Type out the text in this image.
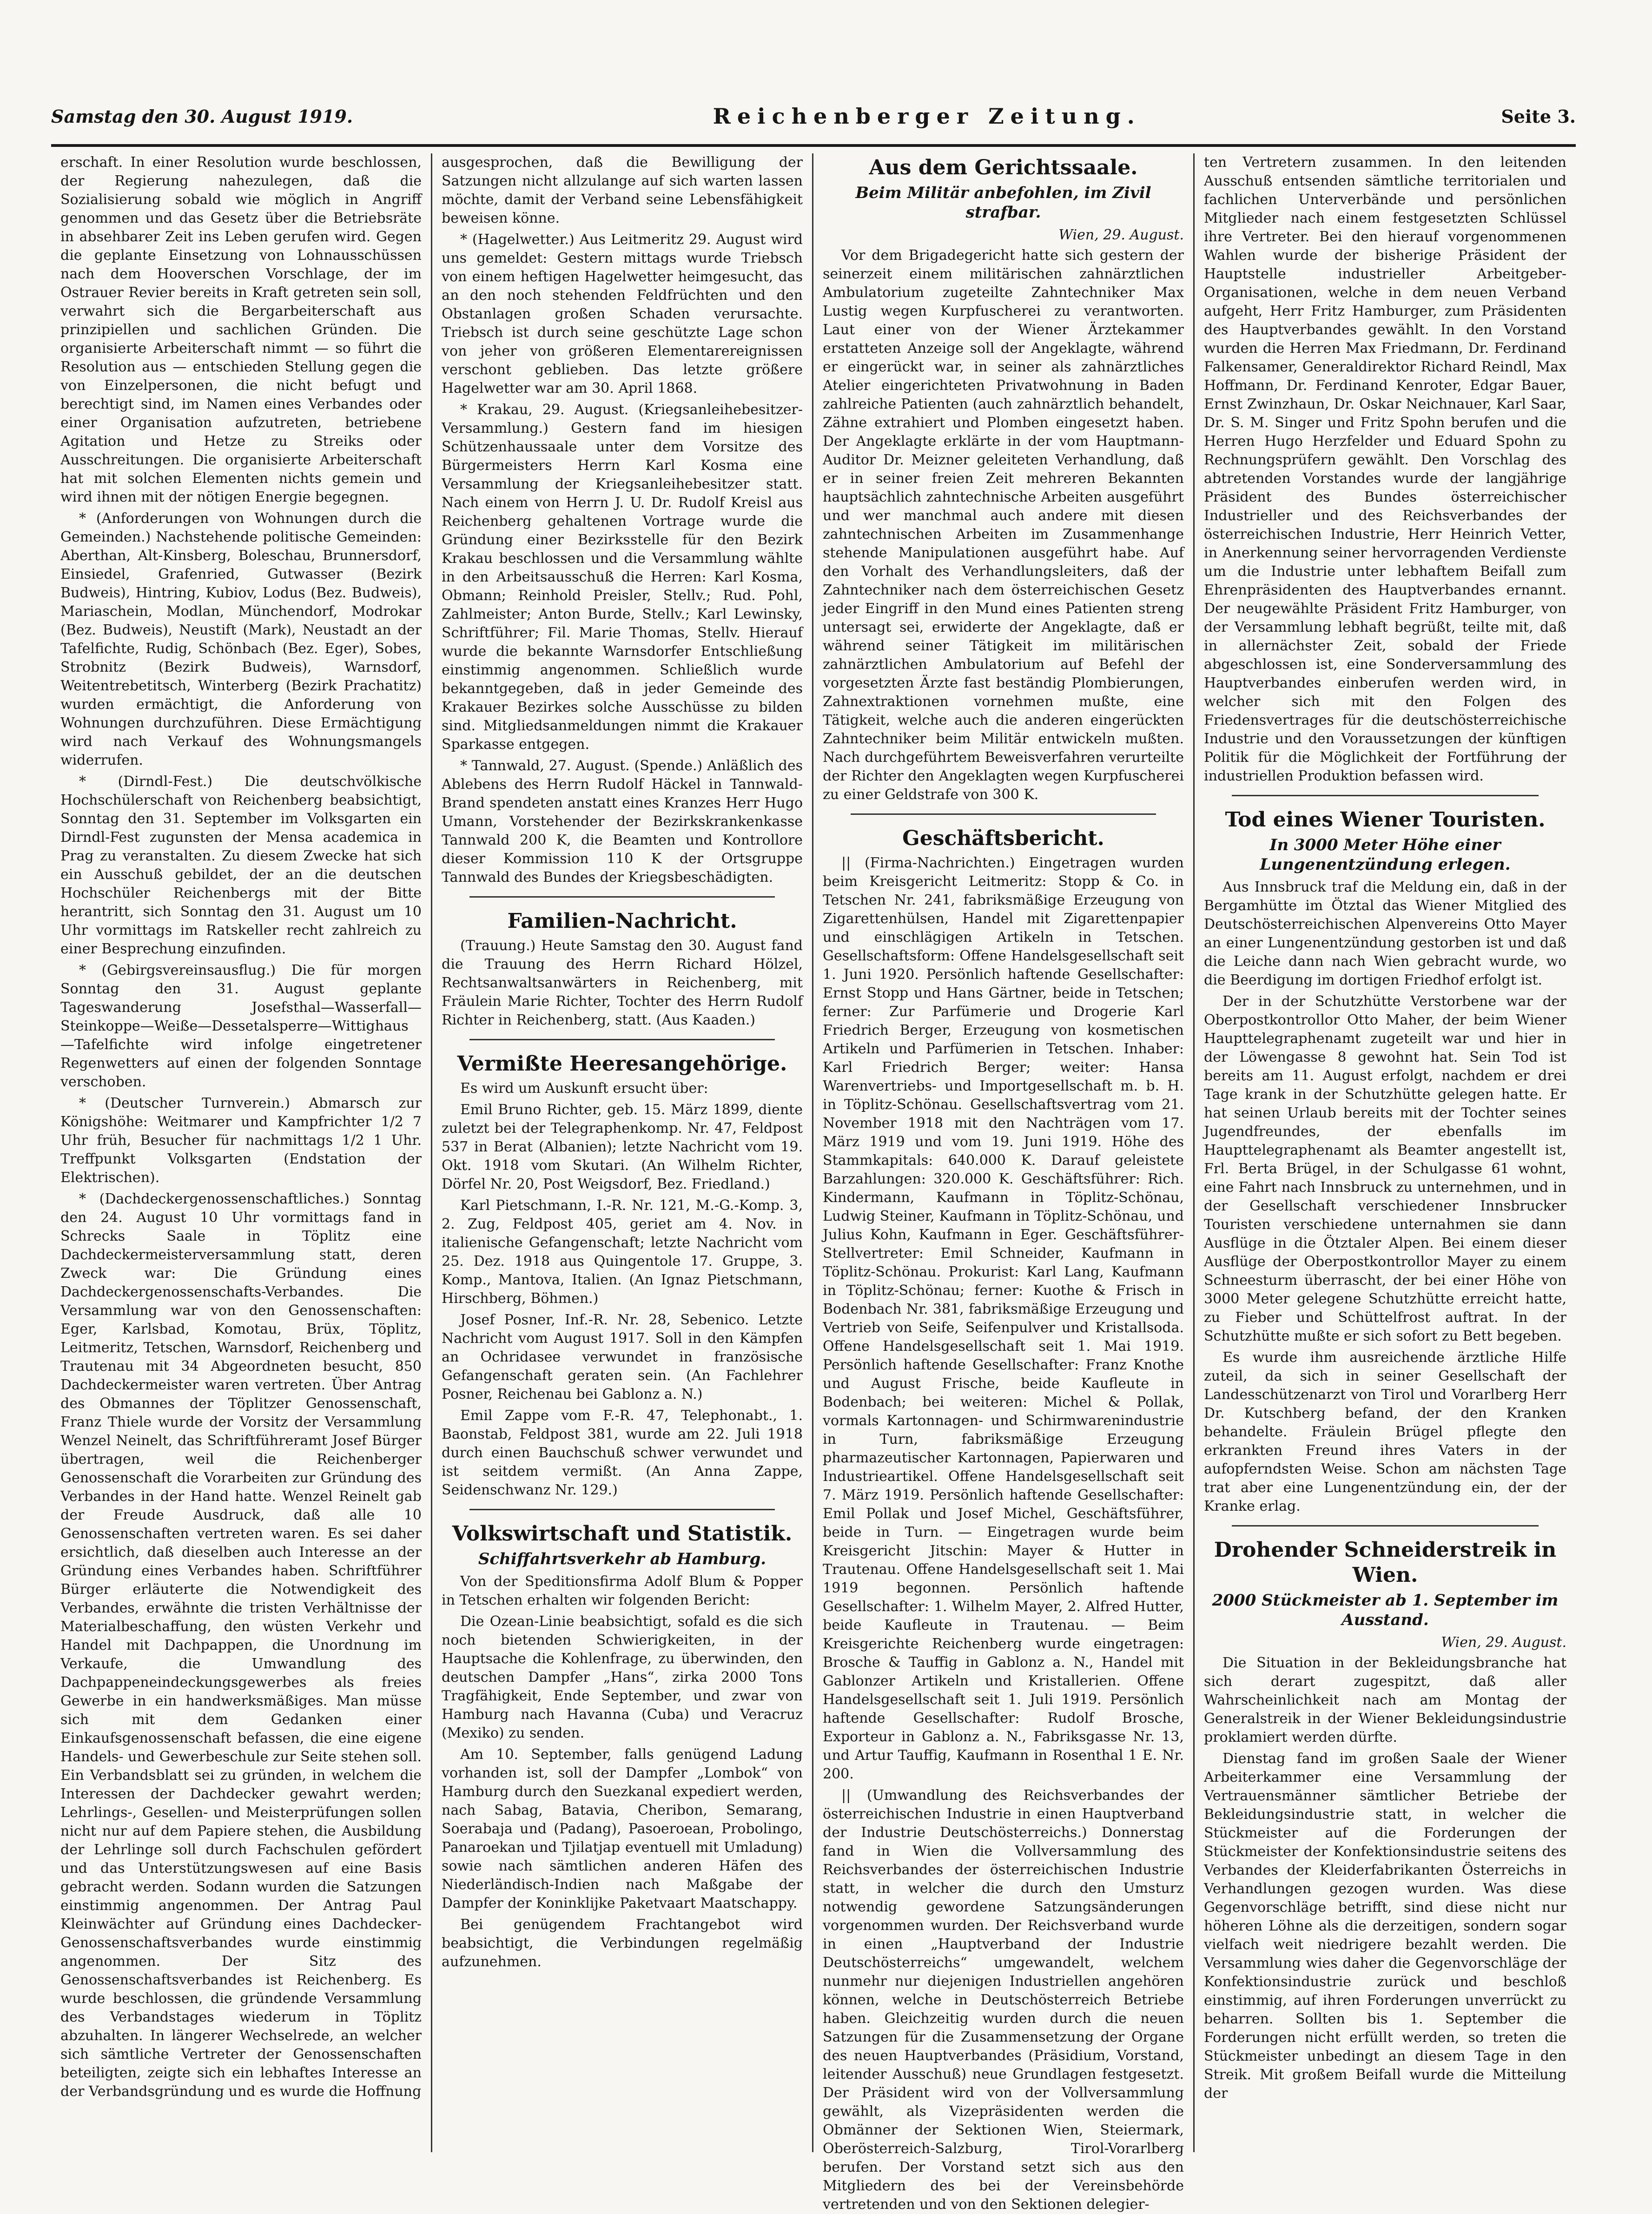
Samstag den 30. August 1919.	Reichenberger Zeitung.	Seite 3.

erschaft. In einer Resolution wurde beschlossen, der Regierung nahezulegen, daß die Sozialisierung sobald wie möglich in Angriff genommen und das Gesetz über die Betriebsräte in absehbarer Zeit ins Leben gerufen wird. Gegen die geplante Einsetzung von Lohnausschüssen nach dem Hooverschen Vorschlage, der im Ostrauer Revier bereits in Kraft getreten sein soll, verwahrt sich die Bergarbeiterschaft aus prinzipiellen und sachlichen Gründen. Die organisierte Arbeiterschaft nimmt — so führt die Resolution aus — entschieden Stellung gegen die von Einzelpersonen, die nicht befugt und berechtigt sind, im Namen eines Verbandes oder einer Organisation aufzutreten, betriebene Agitation und Hetze zu Streiks oder Ausschreitungen. Die organisierte Arbeiterschaft hat mit solchen Elementen nichts gemein und wird ihnen mit der nötigen Energie begegnen.

* (Anforderungen von Wohnungen durch die Gemeinden.) Nachstehende politische Gemeinden: Aberthan, Alt-Kinsberg, Boleschau, Brunnersdorf, Einsiedel, Grafenried, Gutwasser (Bezirk Budweis), Hintring, Kubiov, Lodus (Bez. Budweis), Mariaschein, Modlan, Münchendorf, Modrokar (Bez. Budweis), Neustift (Mark), Neustadt an der Tafelfichte, Rudig, Schönbach (Bez. Eger), Sobes, Strobnitz (Bezirk Budweis), Warnsdorf, Weitentrebetitsch, Winterberg (Bezirk Prachatitz) wurden ermächtigt, die Anforderung von Wohnungen durchzuführen. Diese Ermächtigung wird nach Verkauf des Wohnungsmangels widerrufen.

* (Dirndl-Fest.) Die deutschvölkische Hochschülerschaft von Reichenberg beabsichtigt, Sonntag den 31. September im Volksgarten ein Dirndl-Fest zugunsten der Mensa academica in Prag zu veranstalten. Zu diesem Zwecke hat sich ein Ausschuß gebildet, der an die deutschen Hochschüler Reichenbergs mit der Bitte herantritt, sich Sonntag den 31. August um 10 Uhr vormittags im Ratskeller recht zahlreich zu einer Besprechung einzufinden.

* (Gebirgsvereinsausflug.) Die für morgen Sonntag den 31. August geplante Tageswanderung Josefsthal—Wasserfall—Steinkoppe—Weiße—Dessetalsperre—Wittighaus—Tafelfichte wird infolge eingetretener Regenwetters auf einen der folgenden Sonntage verschoben.

* (Deutscher Turnverein.) Abmarsch zur Königshöhe: Weitmarer und Kampfrichter 1/2 7 Uhr früh, Besucher für nachmittags 1/2 1 Uhr. Treffpunkt Volksgarten (Endstation der Elektrischen).

* (Dachdeckergenossenschaftliches.) Sonntag den 24. August 10 Uhr vormittags fand in Schrecks Saale in Töplitz eine Dachdeckermeisterversammlung statt, deren Zweck war: Die Gründung eines Dachdeckergenossenschafts-Verbandes. Die Versammlung war von den Genossenschaften: Eger, Karlsbad, Komotau, Brüx, Töplitz, Leitmeritz, Tetschen, Warnsdorf, Reichenberg und Trautenau mit 34 Abgeordneten besucht, 850 Dachdeckermeister waren vertreten. Über Antrag des Obmannes der Töplitzer Genossenschaft, Franz Thiele wurde der Vorsitz der Versammlung Wenzel Neinelt, das Schriftführeramt Josef Bürger übertragen, weil die Reichenberger Genossenschaft die Vorarbeiten zur Gründung des Verbandes in der Hand hatte. Wenzel Reinelt gab der Freude Ausdruck, daß alle 10 Genossenschaften vertreten waren. Es sei daher ersichtlich, daß dieselben auch Interesse an der Gründung eines Verbandes haben. Schriftführer Bürger erläuterte die Notwendigkeit des Verbandes, erwähnte die tristen Verhältnisse der Materialbeschaffung, den wüsten Verkehr und Handel mit Dachpappen, die Unordnung im Verkaufe, die Umwandlung des Dachpappeneindeckungsgewerbes als freies Gewerbe in ein handwerksmäßiges. Man müsse sich mit dem Gedanken einer Einkaufsgenossenschaft befassen, die eine eigene Handels- und Gewerbeschule zur Seite stehen soll. Ein Verbandsblatt sei zu gründen, in welchem die Interessen der Dachdecker gewahrt werden; Lehrlings-, Gesellen- und Meisterprüfungen sollen nicht nur auf dem Papiere stehen, die Ausbildung der Lehrlinge soll durch Fachschulen gefördert und das Unterstützungswesen auf eine Basis gebracht werden. Sodann wurden die Satzungen einstimmig angenommen. Der Antrag Paul Kleinwächter auf Gründung eines Dachdecker-Genossenschaftsverbandes wurde einstimmig angenommen. Der Sitz des Genossenschaftsverbandes ist Reichenberg. Es wurde beschlossen, die gründende Versammlung des Verbandstages wiederum in Töplitz abzuhalten. In längerer Wechselrede, an welcher sich sämtliche Vertreter der Genossenschaften beteiligten, zeigte sich ein lebhaftes Interesse an der Verbandsgründung und es wurde die Hoffnung

ausgesprochen, daß die Bewilligung der Satzungen nicht allzulange auf sich warten lassen möchte, damit der Verband seine Lebensfähigkeit beweisen könne.

* (Hagelwetter.) Aus Leitmeritz 29. August wird uns gemeldet: Gestern mittags wurde Triebsch von einem heftigen Hagelwetter heimgesucht, das an den noch stehenden Feldfrüchten und den Obstanlagen großen Schaden verursachte. Triebsch ist durch seine geschützte Lage schon von jeher von größeren Elementarereignissen verschont geblieben. Das letzte größere Hagelwetter war am 30. April 1868.

* Krakau, 29. August. (Kriegsanleihebesitzer-Versammlung.) Gestern fand im hiesigen Schützenhaussaale unter dem Vorsitze des Bürgermeisters Herrn Karl Kosma eine Versammlung der Kriegsanleihebesitzer statt. Nach einem von Herrn J. U. Dr. Rudolf Kreisl aus Reichenberg gehaltenen Vortrage wurde die Gründung einer Bezirksstelle für den Bezirk Krakau beschlossen und die Versammlung wählte in den Arbeitsausschuß die Herren: Karl Kosma, Obmann; Reinhold Preisler, Stellv.; Rud. Pohl, Zahlmeister; Anton Burde, Stellv.; Karl Lewinsky, Schriftführer; Fil. Marie Thomas, Stellv. Hierauf wurde die bekannte Warnsdorfer Entschließung einstimmig angenommen. Schließlich wurde bekanntgegeben, daß in jeder Gemeinde des Krakauer Bezirkes solche Ausschüsse zu bilden sind. Mitgliedsanmeldungen nimmt die Krakauer Sparkasse entgegen.

* Tannwald, 27. August. (Spende.) Anläßlich des Ablebens des Herrn Rudolf Häckel in Tannwald-Brand spendeten anstatt eines Kranzes Herr Hugo Umann, Vorstehender der Bezirkskrankenkasse Tannwald 200 K, die Beamten und Kontrollore dieser Kommission 110 K der Ortsgruppe Tannwald des Bundes der Kriegsbeschädigten.

Familien-Nachricht.

(Trauung.) Heute Samstag den 30. August fand die Trauung des Herrn Richard Hölzel, Rechtsanwaltsanwärters in Reichenberg, mit Fräulein Marie Richter, Tochter des Herrn Rudolf Richter in Reichenberg, statt. (Aus Kaaden.)

Vermißte Heeresangehörige.

Es wird um Auskunft ersucht über:

Emil Bruno Richter, geb. 15. März 1899, diente zuletzt bei der Telegraphenkomp. Nr. 47, Feldpost 537 in Berat (Albanien); letzte Nachricht vom 19. Okt. 1918 vom Skutari. (An Wilhelm Richter, Dörfel Nr. 20, Post Weigsdorf, Bez. Friedland.)

Karl Pietschmann, I.-R. Nr. 121, M.-G.-Komp. 3, 2. Zug, Feldpost 405, geriet am 4. Nov. in italienische Gefangenschaft; letzte Nachricht vom 25. Dez. 1918 aus Quingentole 17. Gruppe, 3. Komp., Mantova, Italien. (An Ignaz Pietschmann, Hirschberg, Böhmen.)

Josef Posner, Inf.-R. Nr. 28, Sebenico. Letzte Nachricht vom August 1917. Soll in den Kämpfen an Ochridasee verwundet in französische Gefangenschaft geraten sein. (An Fachlehrer Posner, Reichenau bei Gablonz a. N.)

Emil Zappe vom F.-R. 47, Telephonabt., 1. Baonstab, Feldpost 381, wurde am 22. Juli 1918 durch einen Bauchschuß schwer verwundet und ist seitdem vermißt. (An Anna Zappe, Seidenschwanz Nr. 129.)

Volkswirtschaft und Statistik.
Schiffahrtsverkehr ab Hamburg.

Von der Speditionsfirma Adolf Blum & Popper in Tetschen erhalten wir folgenden Bericht:

Die Ozean-Linie beabsichtigt, sofald es die sich noch bietenden Schwierigkeiten, in der Hauptsache die Kohlenfrage, zu überwinden, den deutschen Dampfer „Hans“, zirka 2000 Tons Tragfähigkeit, Ende September, und zwar von Hamburg nach Havanna (Cuba) und Veracruz (Mexiko) zu senden.

Am 10. September, falls genügend Ladung vorhanden ist, soll der Dampfer „Lombok“ von Hamburg durch den Suezkanal expediert werden, nach Sabag, Batavia, Cheribon, Semarang, Soerabaja und (Padang), Pasoeroean, Probolingo, Panaroekan und Tjilatjap eventuell mit Umladung) sowie nach sämtlichen anderen Häfen des Niederländisch-Indien nach Maßgabe der Dampfer der Koninklijke Paketvaart Maatschappy.

Bei genügendem Frachtangebot wird beabsichtigt, die Verbindungen regelmäßig aufzunehmen.

Aus dem Gerichtssaale.
Beim Militär anbefohlen, im Zivil strafbar.
Wien, 29. August.

Vor dem Brigadegericht hatte sich gestern der seinerzeit einem militärischen zahnärztlichen Ambulatorium zugeteilte Zahntechniker Max Lustig wegen Kurpfuscherei zu verantworten. Laut einer von der Wiener Ärztekammer erstatteten Anzeige soll der Angeklagte, während er eingerückt war, in seiner als zahnärztliches Atelier eingerichteten Privatwohnung in Baden zahlreiche Patienten (auch zahnärztlich behandelt, Zähne extrahiert und Plomben eingesetzt haben. Der Angeklagte erklärte in der vom Hauptmann-Auditor Dr. Meizner geleiteten Verhandlung, daß er in seiner freien Zeit mehreren Bekannten hauptsächlich zahntechnische Arbeiten ausgeführt und wer manchmal auch andere mit diesen zahntechnischen Arbeiten im Zusammenhange stehende Manipulationen ausgeführt habe. Auf den Vorhalt des Verhandlungsleiters, daß der Zahntechniker nach dem österreichischen Gesetz jeder Eingriff in den Mund eines Patienten streng untersagt sei, erwiderte der Angeklagte, daß er während seiner Tätigkeit im militärischen zahnärztlichen Ambulatorium auf Befehl der vorgesetzten Ärzte fast beständig Plombierungen, Zahnextraktionen vornehmen mußte, eine Tätigkeit, welche auch die anderen eingerückten Zahntechniker beim Militär entwickeln mußten. Nach durchgeführtem Beweisverfahren verurteilte der Richter den Angeklagten wegen Kurpfuscherei zu einer Geldstrafe von 300 K.

Geschäftsbericht.

|| (Firma-Nachrichten.) Eingetragen wurden beim Kreisgericht Leitmeritz: Stopp & Co. in Tetschen Nr. 241, fabriksmäßige Erzeugung von Zigarettenhülsen, Handel mit Zigarettenpapier und einschlägigen Artikeln in Tetschen. Gesellschaftsform: Offene Handelsgesellschaft seit 1. Juni 1920. Persönlich haftende Gesellschafter: Ernst Stopp und Hans Gärtner, beide in Tetschen; ferner: Zur Parfümerie und Drogerie Karl Friedrich Berger, Erzeugung von kosmetischen Artikeln und Parfümerien in Tetschen. Inhaber: Karl Friedrich Berger; weiter: Hansa Warenvertriebs- und Importgesellschaft m. b. H. in Töplitz-Schönau. Gesellschaftsvertrag vom 21. November 1918 mit den Nachträgen vom 17. März 1919 und vom 19. Juni 1919. Höhe des Stammkapitals: 640.000 K. Darauf geleistete Barzahlungen: 320.000 K. Geschäftsführer: Rich. Kindermann, Kaufmann in Töplitz-Schönau, Ludwig Steiner, Kaufmann in Töplitz-Schönau, und Julius Kohn, Kaufmann in Eger. Geschäftsführer-Stellvertreter: Emil Schneider, Kaufmann in Töplitz-Schönau. Prokurist: Karl Lang, Kaufmann in Töplitz-Schönau; ferner: Kuothe & Frisch in Bodenbach Nr. 381, fabriksmäßige Erzeugung und Vertrieb von Seife, Seifenpulver und Kristallsoda. Offene Handelsgesellschaft seit 1. Mai 1919. Persönlich haftende Gesellschafter: Franz Knothe und August Frische, beide Kaufleute in Bodenbach; bei weiteren: Michel & Pollak, vormals Kartonnagen- und Schirmwarenindustrie in Turn, fabriksmäßige Erzeugung pharmazeutischer Kartonnagen, Papierwaren und Industrieartikel. Offene Handelsgesellschaft seit 7. März 1919. Persönlich haftende Gesellschafter: Emil Pollak und Josef Michel, Geschäftsführer, beide in Turn. — Eingetragen wurde beim Kreisgericht Jitschin: Mayer & Hutter in Trautenau. Offene Handelsgesellschaft seit 1. Mai 1919 begonnen. Persönlich haftende Gesellschafter: 1. Wilhelm Mayer, 2. Alfred Hutter, beide Kaufleute in Trautenau. — Beim Kreisgerichte Reichenberg wurde eingetragen: Brosche & Tauffig in Gablonz a. N., Handel mit Gablonzer Artikeln und Kristallerien. Offene Handelsgesellschaft seit 1. Juli 1919. Persönlich haftende Gesellschafter: Rudolf Brosche, Exporteur in Gablonz a. N., Fabriksgasse Nr. 13, und Artur Tauffig, Kaufmann in Rosenthal 1 E. Nr. 200.

|| (Umwandlung des Reichsverbandes der österreichischen Industrie in einen Hauptverband der Industrie Deutschösterreichs.) Donnerstag fand in Wien die Vollversammlung des Reichsverbandes der österreichischen Industrie statt, in welcher die durch den Umsturz notwendig gewordene Satzungsänderungen vorgenommen wurden. Der Reichsverband wurde in einen „Hauptverband der Industrie Deutschösterreichs“ umgewandelt, welchem nunmehr nur diejenigen Industriellen angehören können, welche in Deutschösterreich Betriebe haben. Gleichzeitig wurden durch die neuen Satzungen für die Zusammensetzung der Organe des neuen Hauptverbandes (Präsidium, Vorstand, leitender Ausschuß) neue Grundlagen festgesetzt. Der Präsident wird von der Vollversammlung gewählt, als Vizepräsidenten werden die Obmänner der Sektionen Wien, Steiermark, Oberösterreich-Salzburg, Tirol-Vorarlberg berufen. Der Vorstand setzt sich aus den Mitgliedern des bei der Vereinsbehörde vertretenden und von den Sektionen delegier-

ten Vertretern zusammen. In den leitenden Ausschuß entsenden sämtliche territorialen und fachlichen Unterverbände und persönlichen Mitglieder nach einem festgesetzten Schlüssel ihre Vertreter. Bei den hierauf vorgenommenen Wahlen wurde der bisherige Präsident der Hauptstelle industrieller Arbeitgeber-Organisationen, welche in dem neuen Verband aufgeht, Herr Fritz Hamburger, zum Präsidenten des Hauptverbandes gewählt. In den Vorstand wurden die Herren Max Friedmann, Dr. Ferdinand Falkensamer, Generaldirektor Richard Reindl, Max Hoffmann, Dr. Ferdinand Kenroter, Edgar Bauer, Ernst Zwinzhaun, Dr. Oskar Neichnauer, Karl Saar, Dr. S. M. Singer und Fritz Spohn berufen und die Herren Hugo Herzfelder und Eduard Spohn zu Rechnungsprüfern gewählt. Den Vorschlag des abtretenden Vorstandes wurde der langjährige Präsident des Bundes österreichischer Industrieller und des Reichsverbandes der österreichischen Industrie, Herr Heinrich Vetter, in Anerkennung seiner hervorragenden Verdienste um die Industrie unter lebhaftem Beifall zum Ehrenpräsidenten des Hauptverbandes ernannt. Der neugewählte Präsident Fritz Hamburger, von der Versammlung lebhaft begrüßt, teilte mit, daß in allernächster Zeit, sobald der Friede abgeschlossen ist, eine Sonderversammlung des Hauptverbandes einberufen werden wird, in welcher sich mit den Folgen des Friedensvertrages für die deutschösterreichische Industrie und den Voraussetzungen der künftigen Politik für die Möglichkeit der Fortführung der industriellen Produktion befassen wird.

Tod eines Wiener Touristen.
In 3000 Meter Höhe einer Lungenentzündung erlegen.

Aus Innsbruck traf die Meldung ein, daß in der Bergamhütte im Ötztal das Wiener Mitglied des Deutschösterreichischen Alpenvereins Otto Mayer an einer Lungenentzündung gestorben ist und daß die Leiche dann nach Wien gebracht wurde, wo die Beerdigung im dortigen Friedhof erfolgt ist.

Der in der Schutzhütte Verstorbene war der Oberpostkontrollor Otto Maher, der beim Wiener Haupttelegraphenamt zugeteilt war und hier in der Löwengasse 8 gewohnt hat. Sein Tod ist bereits am 11. August erfolgt, nachdem er drei Tage krank in der Schutzhütte gelegen hatte. Er hat seinen Urlaub bereits mit der Tochter seines Jugendfreundes, der ebenfalls im Haupttelegraphenamt als Beamter angestellt ist, Frl. Berta Brügel, in der Schulgasse 61 wohnt, eine Fahrt nach Innsbruck zu unternehmen, und in der Gesellschaft verschiedener Innsbrucker Touristen verschiedene unternahmen sie dann Ausflüge in die Ötztaler Alpen. Bei einem dieser Ausflüge der Oberpostkontrollor Mayer zu einem Schneesturm überrascht, der bei einer Höhe von 3000 Meter gelegene Schutzhütte erreicht hatte, zu Fieber und Schüttelfrost auftrat. In der Schutzhütte mußte er sich sofort zu Bett begeben.

Es wurde ihm ausreichende ärztliche Hilfe zuteil, da sich in seiner Gesellschaft der Landesschützenarzt von Tirol und Vorarlberg Herr Dr. Kutschberg befand, der den Kranken behandelte. Fräulein Brügel pflegte den erkrankten Freund ihres Vaters in der aufopferndsten Weise. Schon am nächsten Tage trat aber eine Lungenentzündung ein, der der Kranke erlag.

Drohender Schneiderstreik in Wien.
2000 Stückmeister ab 1. September im Ausstand.
Wien, 29. August.

Die Situation in der Bekleidungsbranche hat sich derart zugespitzt, daß aller Wahrscheinlichkeit nach am Montag der Generalstreik in der Wiener Bekleidungsindustrie proklamiert werden dürfte.

Dienstag fand im großen Saale der Wiener Arbeiterkammer eine Versammlung der Vertrauensmänner sämtlicher Betriebe der Bekleidungsindustrie statt, in welcher die Stückmeister auf die Forderungen der Stückmeister der Konfektionsindustrie seitens des Verbandes der Kleiderfabrikanten Österreichs in Verhandlungen gezogen wurden. Was diese Gegenvorschläge betrifft, sind diese nicht nur höheren Löhne als die derzeitigen, sondern sogar vielfach weit niedrigere bezahlt werden. Die Versammlung wies daher die Gegenvorschläge der Konfektionsindustrie zurück und beschloß einstimmig, auf ihren Forderungen unverrückt zu beharren. Sollten bis 1. September die Forderungen nicht erfüllt werden, so treten die Stückmeister unbedingt an diesem Tage in den Streik. Mit großem Beifall wurde die Mitteilung der
